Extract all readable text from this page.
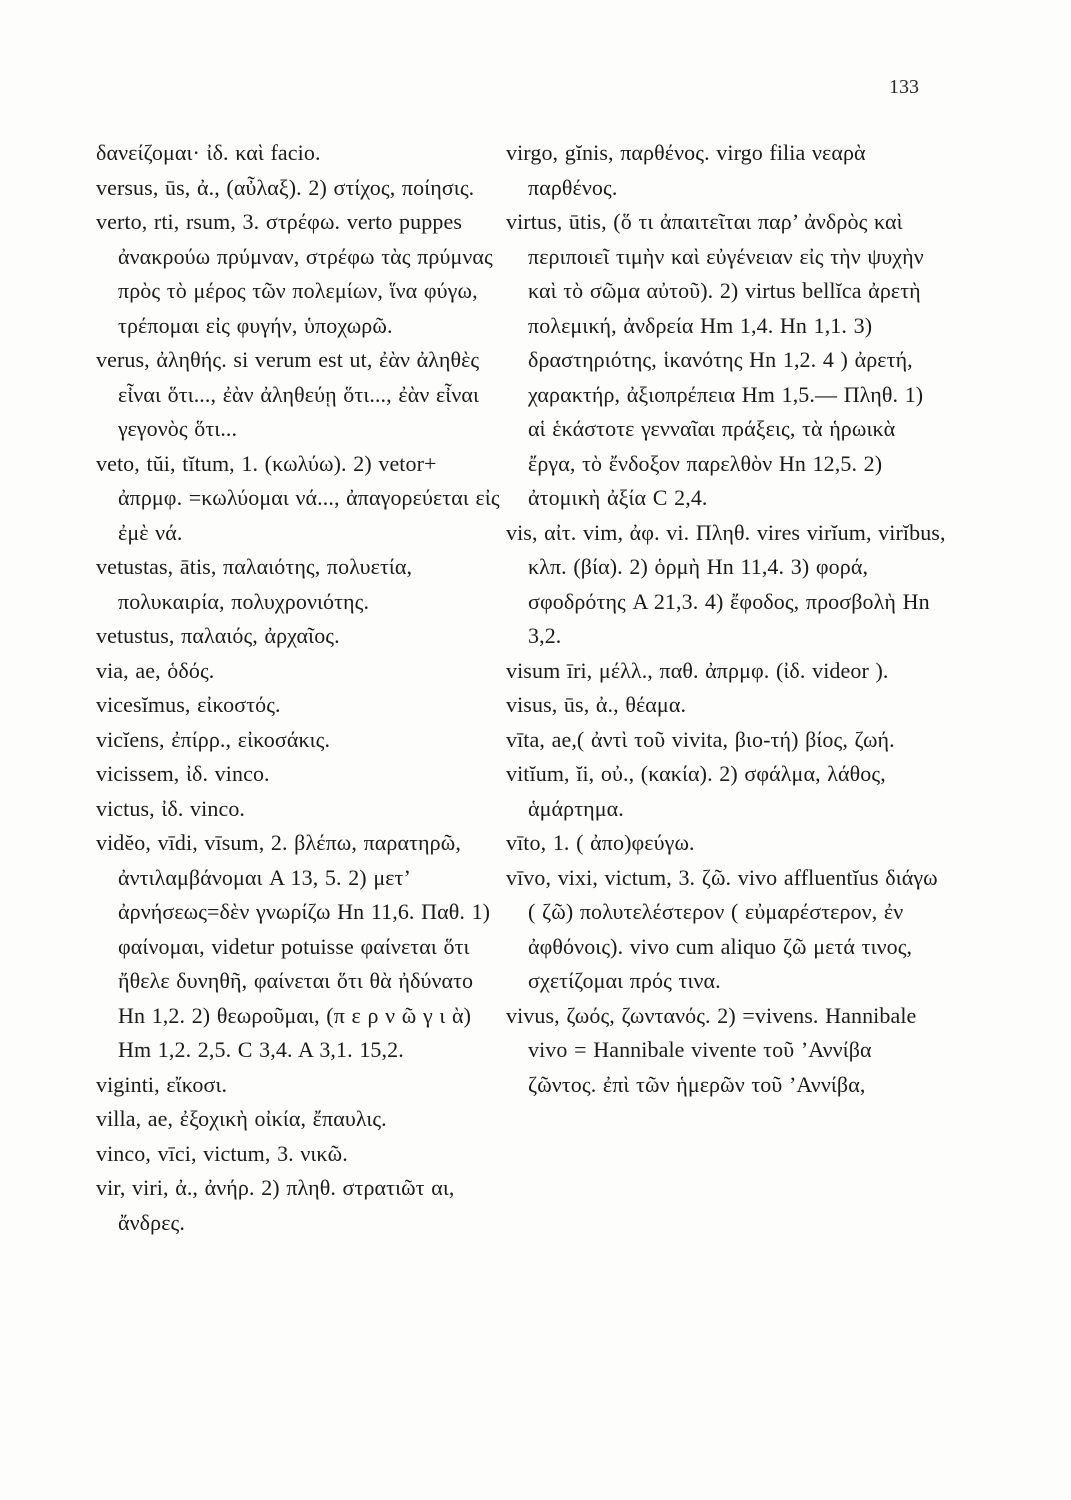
133

δανείζομαι· ἰδ. καὶ facio.

versus, ūs, ἀ., (αὖλαξ). 2) στίχος, ποίησις.

verto, rti, rsum, 3. στρέφω. verto puppes ἀνακρούω πρύμναν, στρέφω τὰς πρύμνας πρὸς τὸ μέρος τῶν πολεμίων, ἵνα φύγω, τρέπομαι εἰς φυγήν, ὑποχωρῶ.

verus, ἀληθής. si verum est ut, ἐὰν ἀληθὲς εἶναι ὅτι..., ἐὰν ἀληθεύῃ ὅτι..., ἐὰν εἶναι γεγονὸς ὅτι...

veto, tŭi, tĭtum, 1. (κωλύω). 2) vetor+ ἀπρμφ. =κωλύομαι νά..., ἀπαγορεύεται εἰς ἐμὲ νά.

vetustas, ātis, παλαιότης, πολυετία, πολυκαιρία, πολυχρονιότης.

vetustus, παλαιός, ἀρχαῖος.

via, ae, ὁδός.

vicesĭmus, εἰκοστός.

vicĭens, ἐπίρρ., εἰκοσάκις.

vicissem, ἰδ. vinco.

victus, ἰδ. vinco.

vidĕo, vīdi, vīsum, 2. βλέπω, παρατηρῶ, ἀντιλαμβάνομαι A 13, 5. 2) μετ’ ἀρνήσεως=δὲν γνωρίζω Hn 11,6. Παθ. 1) φαίνομαι, videtur potuisse φαίνεται ὅτι ἤθελε δυνηθῆ, φαίνεται ὅτι θὰ ἠδύνατο Hn 1,2. 2) θεωροῦμαι, (π ε ρ ν ῶ γ ι ὰ) Hm 1,2. 2,5. C 3,4. A 3,1. 15,2.

viginti, εἴκοσι.

villa, ae, ἐξοχικὴ οἰκία, ἔπαυλις.

vinco, vīci, victum, 3. νικῶ.

vir, viri, ἀ., ἀνήρ. 2) πληθ. στρατιῶτ αι, ἄνδρες.

virgo, gĭnis, παρθένος. virgo filia νεαρὰ παρθένος.

virtus, ūtis, (ὅ τι ἀπαιτεῖται παρ’ ἀνδρὸς καὶ περιποιεῖ τιμὴν καὶ εὐγένειαν εἰς τὴν ψυχὴν καὶ τὸ σῶμα αὐτοῦ). 2) virtus bellĭca ἀρετὴ πολεμική, ἀνδρεία Hm 1,4. Hn 1,1. 3) δραστηριότης, ἱκανότης Hn 1,2. 4 ) ἀρετή, χαρακτήρ, ἀξιοπρέπεια Hm 1,5.— Πληθ. 1) αἱ ἑκάστοτε γενναῖαι πράξεις, τὰ ἡρωικὰ ἔργα, τὸ ἔνδοξον παρελθὸν Hn 12,5. 2) ἀτομικὴ ἀξία C 2,4.

vis, αἰτ. vim, ἀφ. vi. Πληθ. vires virĭum, virĭbus, κλπ. (βία). 2) ὁρμὴ Hn 11,4. 3) φορά, σφοδρότης A 21,3. 4) ἔφοδος, προσβολὴ Hn 3,2.

visum īri, μέλλ., παθ. ἀπρμφ. (ἰδ. videor ).

visus, ūs, ἀ., θέαμα.

vīta, ae,( ἀντὶ τοῦ vivita, βιο-τή) βίος, ζωή.

vitĭum, ĭi, οὐ., (κακία). 2) σφάλμα, λάθος, ἁμάρτημα.

vīto, 1. ( ἀπο)φεύγω.

vīvo, vixi, victum, 3. ζῶ. vivo affluentĭus διάγω ( ζῶ) πολυτελέστερον ( εὐμαρέστερον, ἐν ἀφθόνοις). vivo cum aliquo ζῶ μετά τινος, σχετίζομαι πρός τινα.

vivus, ζωός, ζωντανός. 2) =vivens. Hannibale vivo = Hannibale vivente τοῦ ’Αννίβα ζῶντος. ἐπὶ τῶν ἡμερῶν τοῦ ’Αννίβα,
